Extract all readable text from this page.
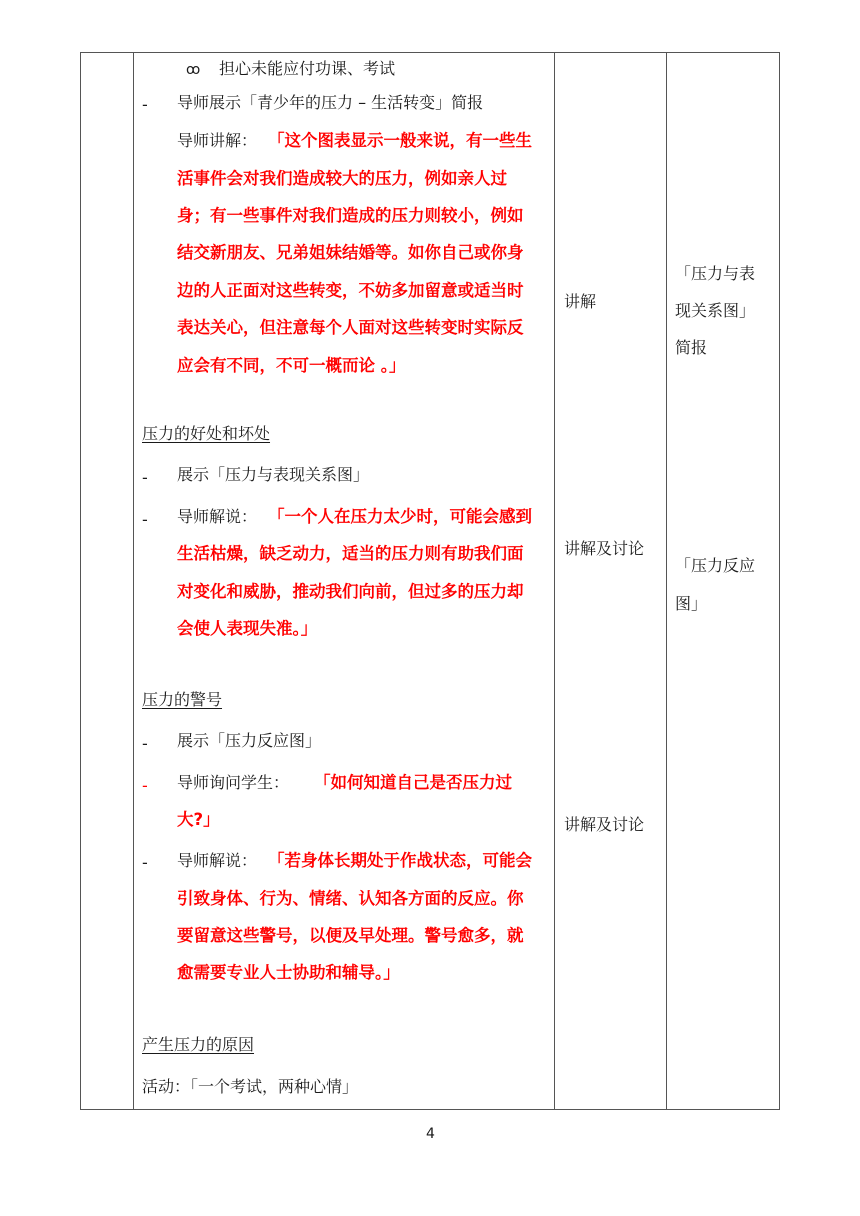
ꝏ 担心未能应付功课、考试
- 导师展示「青少年的压力 – 生活转变」简报
导师讲解： 「这个图表显示一般来说，有一些生
活事件会对我们造成较大的压力，例如亲人过
身；有一些事件对我们造成的压力则较小，例如
结交新朋友、兄弟姐妹结婚等。如你自己或你身
边的人正面对这些转变，不妨多加留意或适当时
表达关心，但注意每个人面对这些转变时实际反
应会有不同，不可一概而论 。」
讲解
「压力与表
现关系图」
简报
压力的好处和坏处
- 展示「压力与表现关系图」
- 导师解说： 「一个人在压力太少时，可能会感到
生活枯燥，缺乏动力，适当的压力则有助我们面
对变化和威胁，推动我们向前，但过多的压力却
会使人表现失准。」
讲解及讨论
「压力反应
图」
压力的警号
- 展示「压力反应图」
- 导师询问学生： 「如何知道自己是否压力过
大?」
- 导师解说： 「若身体长期处于作战状态，可能会
引致身体、行为、情绪、认知各方面的反应。你
要留意这些警号，以便及早处理。警号愈多，就
愈需要专业人士协助和辅导。」
讲解及讨论
产生压力的原因
活动：「一个考试，两种心情」
4
